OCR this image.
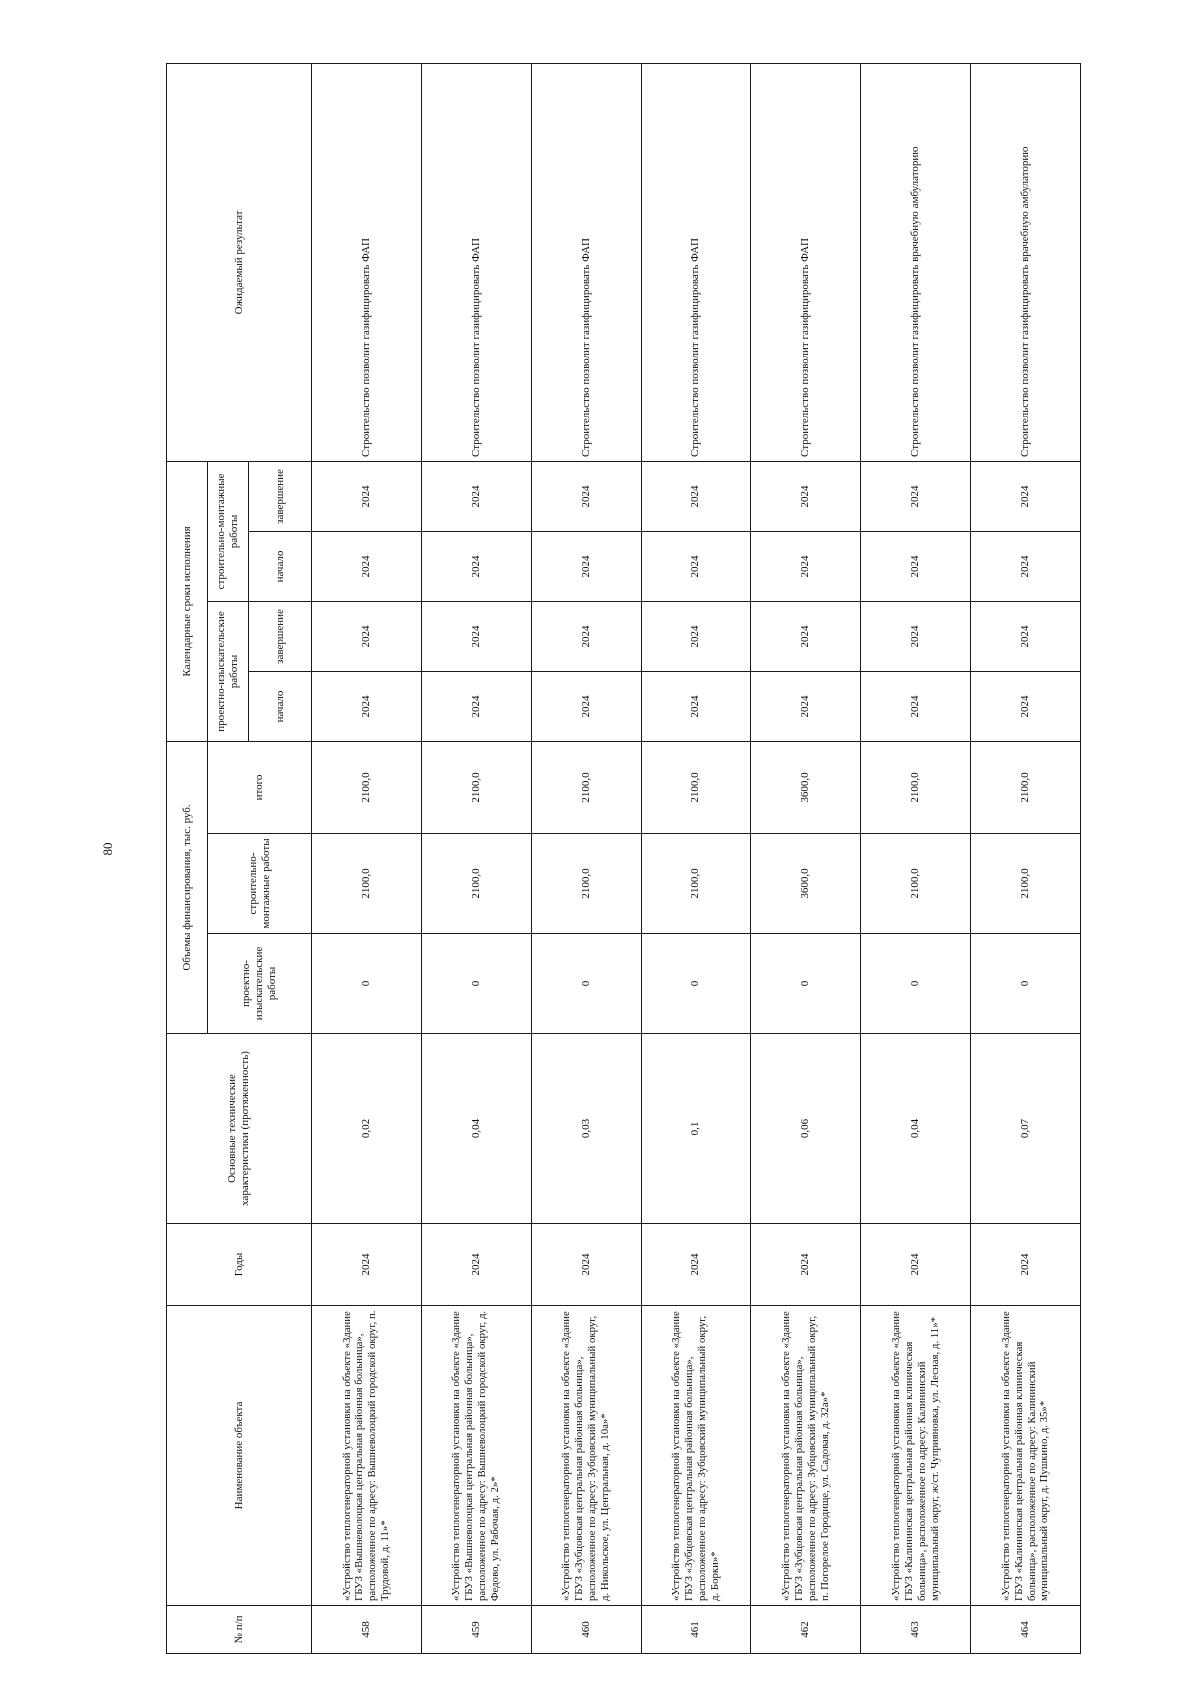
80
№ п/п	Наименование объекта	Годы	Основные технические характеристики (протяженность)	Объемы финансирования, тыс. руб.			Календарные сроки исполнения				Ожидаемый результат
				проектно-изыскательские работы	строительно-монтажные работы	итого	проектно-изыскательские работы		строительно-монтажные работы		
							начало	завершение	начало	завершение	
458	«Устройство теплогенераторной установки на объекте «Здание ГБУЗ «Вышневолоцкая центральная районная больница», расположенное по адресу: Вышневолоцкий городской округ, п. Трудовой, д. 11»*	2024	0,02	0	2100,0	2100,0	2024	2024	2024	2024	Строительство позволит газифицировать ФАП
459	«Устройство теплогенераторной установки на объекте «Здание ГБУЗ «Вышневолоцкая центральная районная больница», расположенное по адресу: Вышневолоцкий городской округ, д. Федово, ул. Рабочая, д. 2»*	2024	0,04	0	2100,0	2100,0	2024	2024	2024	2024	Строительство позволит газифицировать ФАП
460	«Устройство теплогенераторной установки на объекте «Здание ГБУЗ «Зубцовская центральная районная больница», расположенное по адресу: Зубцовский муниципальный округ, д. Никольское, ул. Центральная, д. 10а»*	2024	0,03	0	2100,0	2100,0	2024	2024	2024	2024	Строительство позволит газифицировать ФАП
461	«Устройство теплогенераторной установки на объекте «Здание ГБУЗ «Зубцовская центральная районная больница», расположенное по адресу: Зубцовский муниципальный округ, д. Борки»*	2024	0,1	0	2100,0	2100,0	2024	2024	2024	2024	Строительство позволит газифицировать ФАП
462	«Устройство теплогенераторной установки на объекте «Здание ГБУЗ «Зубцовская центральная районная больница», расположенное по адресу: Зубцовский муниципальный округ, п. Погорелое Городище, ул. Садовая, д. 32а»*	2024	0,06	0	3600,0	3600,0	2024	2024	2024	2024	Строительство позволит газифицировать ФАП
463	«Устройство теплогенераторной установки на объекте «Здание ГБУЗ «Калининская центральная районная клиническая больница», расположенное по адресу: Калининский муниципальный округ, ж/ст. Чуприяновка, ул. Лесная, д. 11»*	2024	0,04	0	2100,0	2100,0	2024	2024	2024	2024	Строительство позволит газифицировать врачебную амбулаторию
464	«Устройство теплогенераторной установки на объекте «Здание ГБУЗ «Калининская центральная районная клиническая больница», расположенное по адресу: Калининский муниципальный округ, д. Пушкино, д. 35»*	2024	0,07	0	2100,0	2100,0	2024	2024	2024	2024	Строительство позволит газифицировать врачебную амбулаторию
